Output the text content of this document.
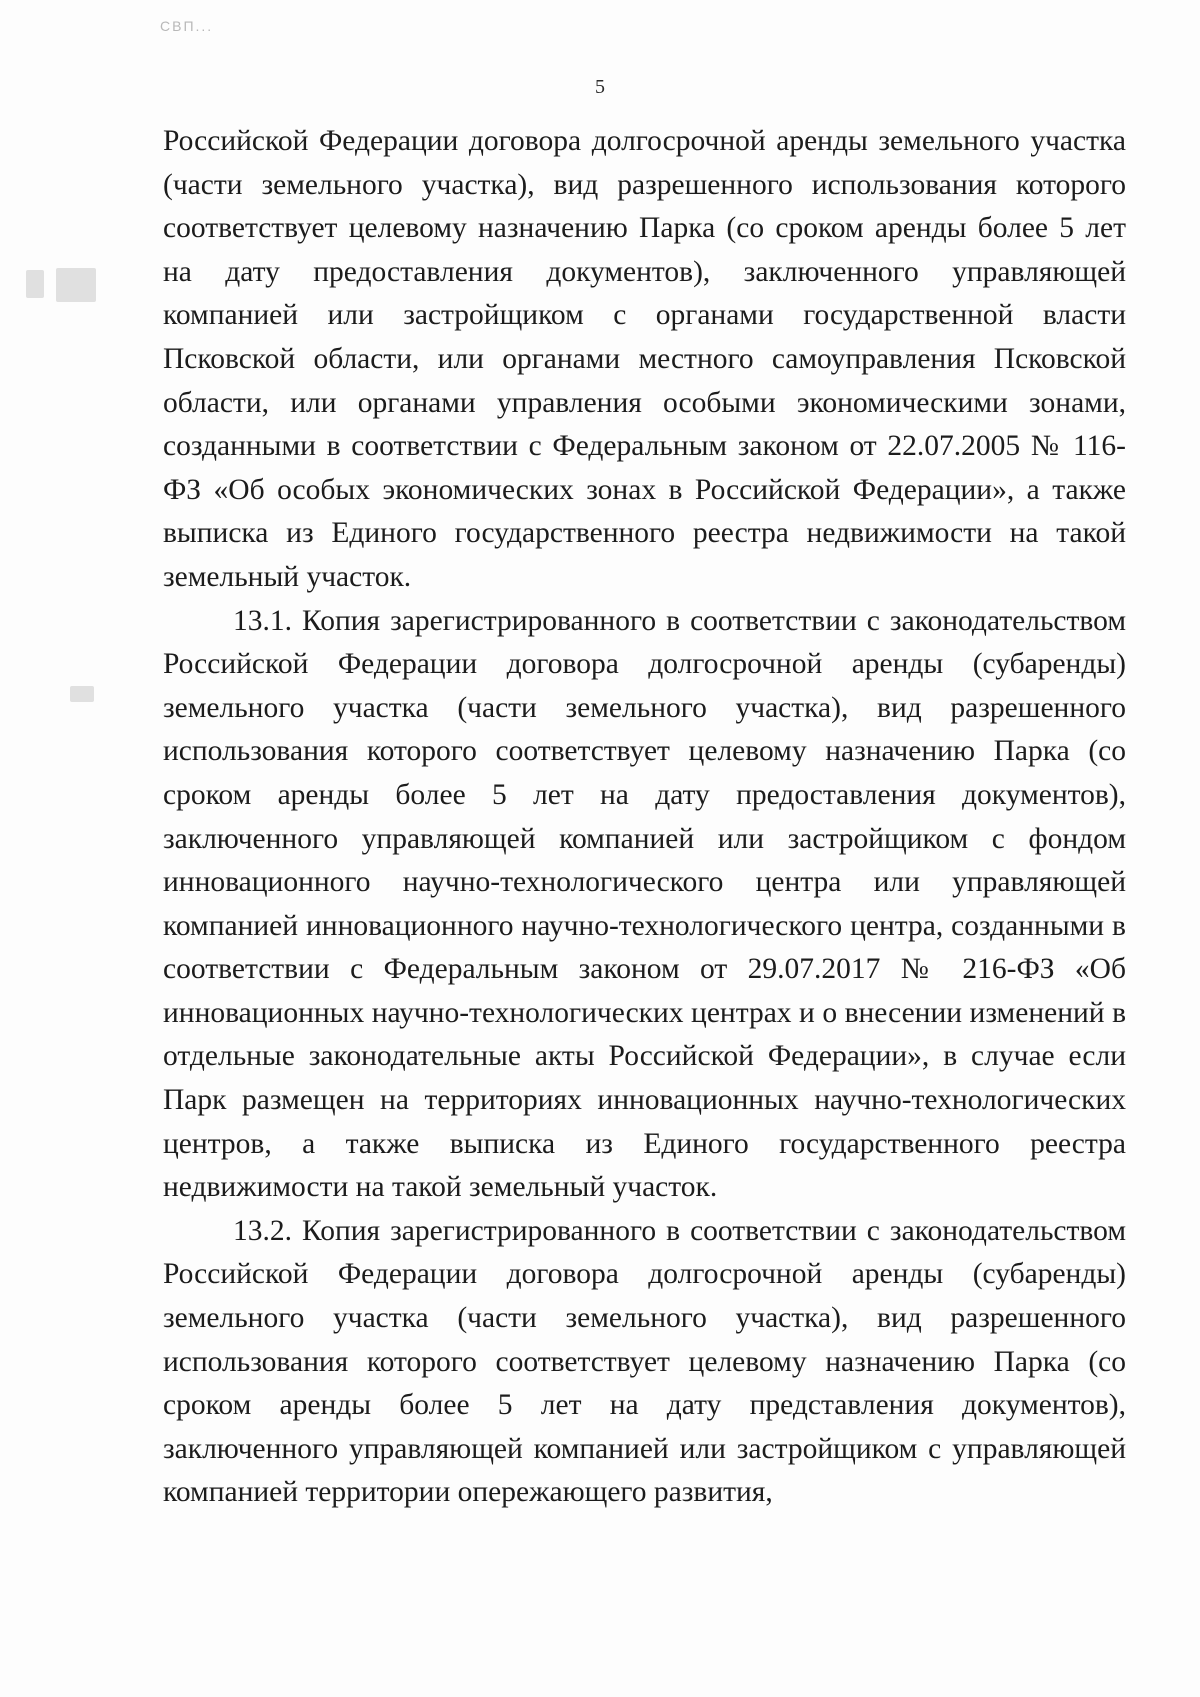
СВП...
5

Российской Федерации договора долгосрочной аренды земельного участка (части земельного участка), вид разрешенного использования которого соответствует целевому назначению Парка (со сроком аренды более 5 лет на дату предоставления документов), заключенного управляющей компанией или застройщиком с органами государственной власти Псковской области, или органами местного самоуправления Псковской области, или органами управления особыми экономическими зонами, созданными в соответствии с Федеральным законом от 22.07.2005 № 116-ФЗ «Об особых экономических зонах в Российской Федерации», а также выписка из Единого государственного реестра недвижимости на такой земельный участок.

13.1. Копия зарегистрированного в соответствии с законодательством Российской Федерации договора долгосрочной аренды (субаренды) земельного участка (части земельного участка), вид разрешенного использования которого соответствует целевому назначению Парка (со сроком аренды более 5 лет на дату предоставления документов), заключенного управляющей компанией или застройщиком с фондом инновационного научно-технологического центра или управляющей компанией инновационного научно-технологического центра, созданными в соответствии с Федеральным законом от 29.07.2017 № 216-ФЗ «Об инновационных научно-технологических центрах и о внесении изменений в отдельные законодательные акты Российской Федерации», в случае если Парк размещен на территориях инновационных научно-технологических центров, а также выписка из Единого государственного реестра недвижимости на такой земельный участок.

13.2. Копия зарегистрированного в соответствии с законодательством Российской Федерации договора долгосрочной аренды (субаренды) земельного участка (части земельного участка), вид разрешенного использования которого соответствует целевому назначению Парка (со сроком аренды более 5 лет на дату представления документов), заключенного управляющей компанией или застройщиком с управляющей компанией территории опережающего развития,
